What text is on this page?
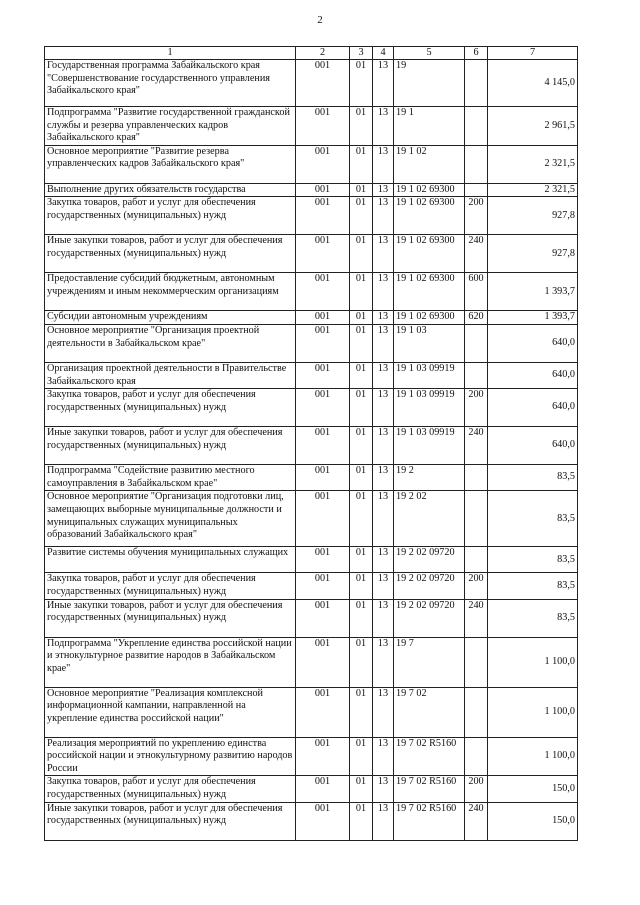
2
1	2	3	4	5	6	7
Государственная программа Забайкальского края "Совершенствование государственного управления Забайкальского края"	001	01	13	19		4 145,0
Подпрограмма "Развитие государственной гражданской службы и резерва управленческих кадров Забайкальского края"	001	01	13	19 1		2 961,5
Основное мероприятие "Развитие резерва управленческих кадров Забайкальского края"	001	01	13	19 1 02		2 321,5
Выполнение других обязательств государства	001	01	13	19 1 02 69300		2 321,5
Закупка товаров, работ и услуг для обеспечения государственных (муниципальных) нужд	001	01	13	19 1 02 69300	200	927,8
Иные закупки товаров, работ и услуг для обеспечения государственных (муниципальных) нужд	001	01	13	19 1 02 69300	240	927,8
Предоставление субсидий бюджетным, автономным учреждениям и иным некоммерческим организациям	001	01	13	19 1 02 69300	600	1 393,7
Субсидии автономным учреждениям	001	01	13	19 1 02 69300	620	1 393,7
Основное мероприятие "Организация проектной деятельности в Забайкальском крае"	001	01	13	19 1 03		640,0
Организация проектной деятельности в Правительстве Забайкальского края	001	01	13	19 1 03 09919		640,0
Закупка товаров, работ и услуг для обеспечения государственных (муниципальных) нужд	001	01	13	19 1 03 09919	200	640,0
Иные закупки товаров, работ и услуг для обеспечения государственных (муниципальных) нужд	001	01	13	19 1 03 09919	240	640,0
Подпрограмма "Содействие развитию местного самоуправления в Забайкальском крае"	001	01	13	19 2		83,5
Основное мероприятие "Организация подготовки лиц, замещающих выборные муниципальные должности и муниципальных служащих муниципальных образований Забайкальского края"	001	01	13	19 2 02		83,5
Развитие системы обучения муниципальных служащих	001	01	13	19 2 02 09720		83,5
Закупка товаров, работ и услуг для обеспечения государственных (муниципальных) нужд	001	01	13	19 2 02 09720	200	83,5
Иные закупки товаров, работ и услуг для обеспечения государственных (муниципальных) нужд	001	01	13	19 2 02 09720	240	83,5
Подпрограмма "Укрепление единства российской нации и этнокультурное развитие народов в Забайкальском крае"	001	01	13	19 7		1 100,0
Основное мероприятие "Реализация комплексной информационной кампании, направленной на укрепление единства российской нации"	001	01	13	19 7 02		1 100,0
Реализация мероприятий по укреплению единства российской нации и этнокультурному развитию народов России	001	01	13	19 7 02 R5160		1 100,0
Закупка товаров, работ и услуг для обеспечения государственных (муниципальных) нужд	001	01	13	19 7 02 R5160	200	150,0
Иные закупки товаров, работ и услуг для обеспечения государственных (муниципальных) нужд	001	01	13	19 7 02 R5160	240	150,0
